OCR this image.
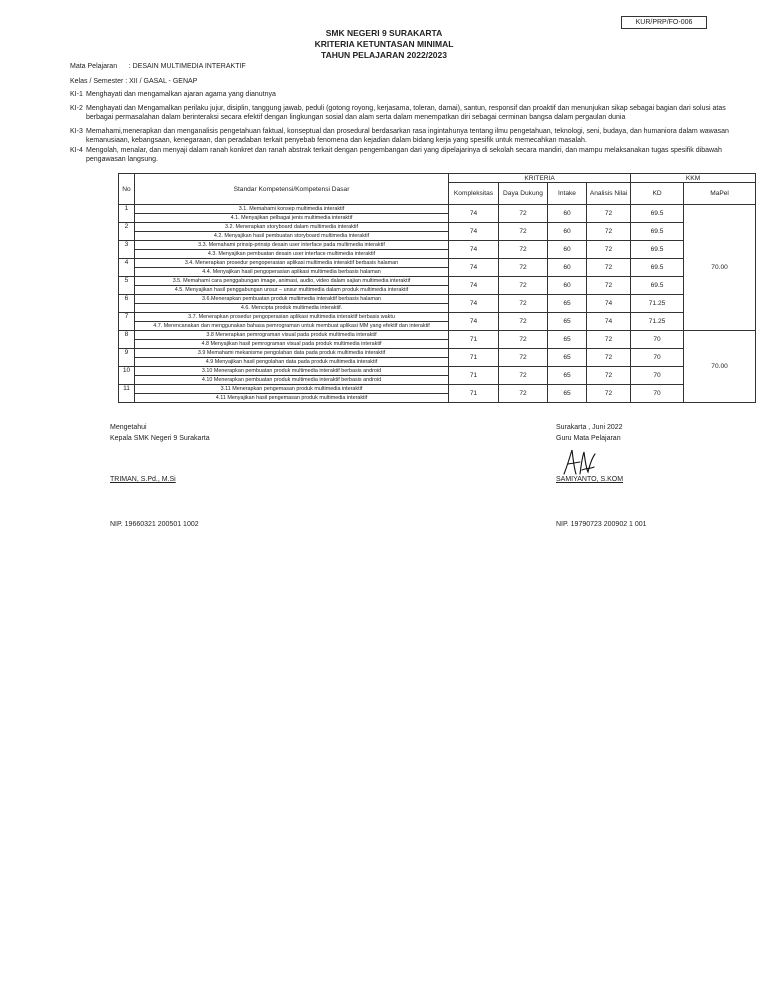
KUR/PRP/FO-006
SMK NEGERI 9 SURAKARTA
KRITERIA KETUNTASAN MINIMAL
TAHUN PELAJARAN 2022/2023
Mata Pelajaran      : DESAIN MULTIMEDIA INTERAKTIF
Kelas / Semester : XII / GASAL - GENAP
KI-1 Menghayati dan mengamalkan ajaran agama yang dianutnya
KI-2 Menghayati dan Mengamalkan perilaku jujur, disiplin, tanggung jawab, peduli (gotong royong, kerjasama, toleran, damai), santun, responsif dan proaktif dan menunjukan sikap sebagai bagian dari solusi atas berbagai permasalahan dalam berinteraksi secara efektif dengan lingkungan sosial dan alam serta dalam menempatkan diri sebagai cerminan bangsa dalam pergaulan dunia
KI-3 Memahami,menerapkan dan menganalisis pengetahuan faktual, konseptual dan prosedural berdasarkan rasa ingintahunya tentang ilmu pengetahuan, teknologi, seni, budaya, dan humaniora dalam wawasan kemanusiaan, kebangsaan, kenegaraan, dan peradaban terkait penyebab fenomena dan kejadian dalam bidang kerja yang spesifik untuk memecahkan masalah.
KI-4 Mengolah, menalar, dan menyaji dalam ranah konkret dan ranah abstrak terkait dengan pengembangan dari yang dipelajarinya di sekolah secara mandiri, dan mampu melaksanakan tugas spesifik dibawah pengawasan langsung.
No	Standar Kompetensi/Kompetensi Dasar	KRITERIA				KKM	
		Kompleksitas	Daya Dukung	Intake	Analisis Nilai	KD	MaPel
1	3.1. Memahami konsep multimedia interaktif	74	72	60	72	69.5	70.00
	4.1. Menyajikan pelbagai jenis multimedia interaktif						
2	3.2. Menerapkan storyboard dalam multimedia interaktif	74	72	60	72	69.5	
	4.2. Menyajikan hasil pembuatan storyboard multimedia interaktif						
3	3.3. Memahami prinsip-prinsip desain user interface pada multimedia interaktif	74	72	60	72	69.5	
	4.3. Menyajikan pembuatan desain user interface multimedia interaktif						
4	3.4. Menerapkan prosedur pengoperasian aplikasi multimedia interaktif berbasis halaman	74	72	60	72	69.5	
	4.4. Menyajikan hasil pengoperasian aplikasi multimedia berbasis halaman						
5	3.5. Memahami cara penggabungan image, animasi, audio, video dalam sajian multimedia interaktif	74	72	60	72	69.5	
	4.5. Menyajikan hasil penggabungan unsur – unsur multimedia dalam produk multimedia interaktif						
6	3.6.Menerapkan pembuatan produk multimedia interaktif berbasis halaman	74	72	65	74	71.25	
	4.6. Mencipta produk multimedia interaktif.						
7	3.7. Menerapkan prosedur pengoperasian aplikasi multimedia interaktif berbasis waktu	74	72	65	74	71.25	
	4.7. Merencanakan dan menggunakan bahasa pemrograman untuk membuat aplikasi MM yang efektif dan interaktif						
8	3.8 Menerapkan pemrograman visual pada produk multimedia interaktif	71	72	65	72	70	70.00
	4.8 Menyajikan hasil pemrograman visual pada produk multimedia interaktif						
9	3.9 Memahami mekanisme pengolahan data pada produk multimedia interaktif	71	72	65	72	70	
	4.9 Menyajikan hasil pengolahan data pada produk multimedia interaktif						
10	3.10 Menerapkan pembuatan produk multimedia interaktif berbasis android	71	72	65	72	70	
	4.10 Menerapkan pembuatan produk multimedia interaktif berbasis android						
11	3.11 Menerapkan pengemasan produk multimedia interaktif	71	72	65	72	70	
	4.11 Menyajikan hasil pengemasan produk multimedia interaktif						
Mengetahui
Kepala SMK Negeri 9 Surakarta
TRIMAN, S.Pd., M.Si
NIP. 19660321 200501 1002
Surakarta , Juni 2022
Guru Mata Pelajaran
SAMIYANTO, S.KOM
NIP. 19790723 200902 1 001
